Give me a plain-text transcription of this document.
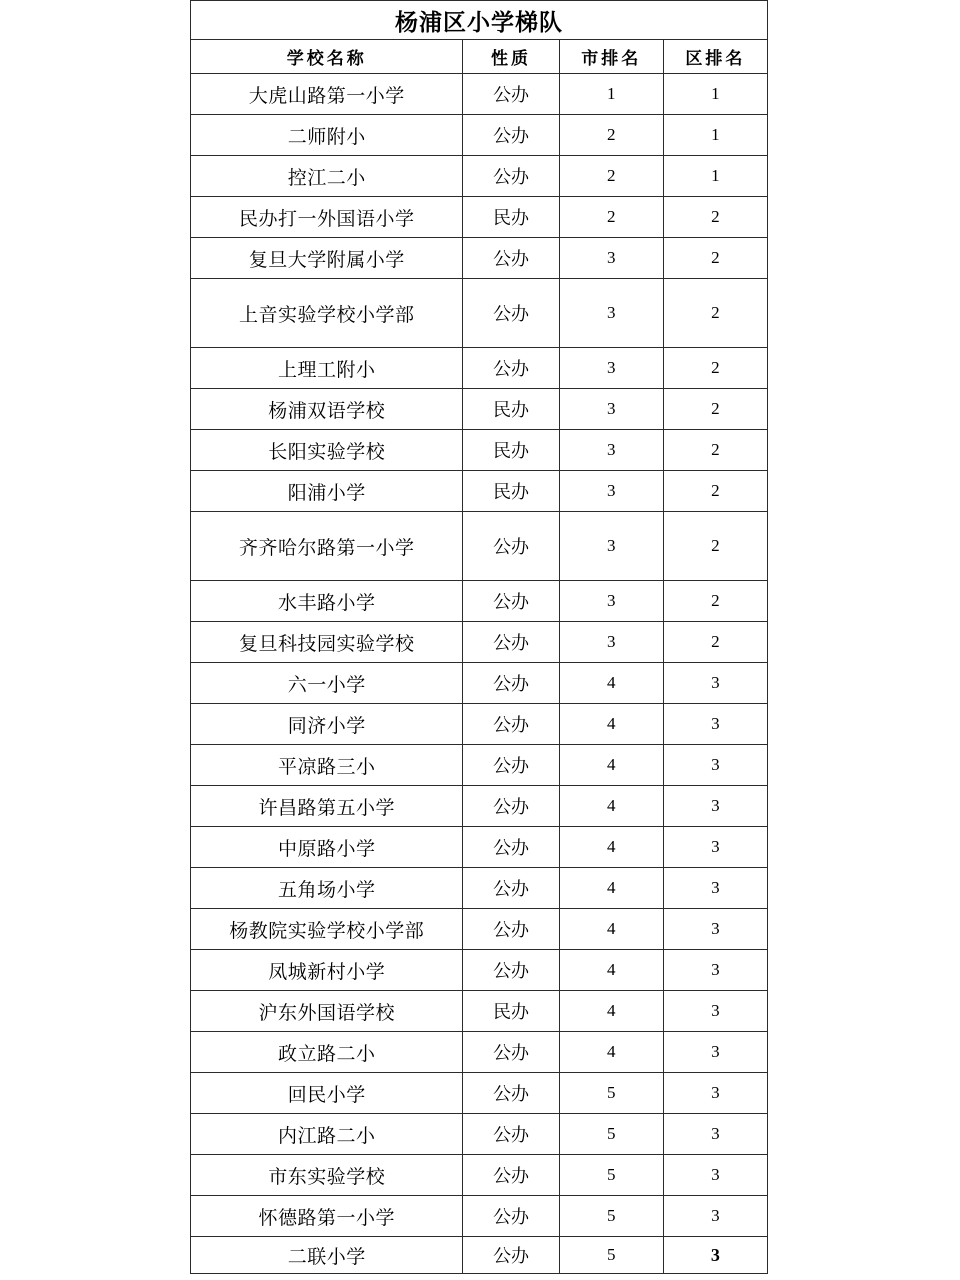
杨浦区小学梯队			
学校名称	性质	市排名	区排名
大虎山路第一小学	公办	1	1
二师附小	公办	2	1
控江二小	公办	2	1
民办打一外国语小学	民办	2	2
复旦大学附属小学	公办	3	2
上音实验学校小学部	公办	3	2
上理工附小	公办	3	2
杨浦双语学校	民办	3	2
长阳实验学校	民办	3	2
阳浦小学	民办	3	2
齐齐哈尔路第一小学	公办	3	2
水丰路小学	公办	3	2
复旦科技园实验学校	公办	3	2
六一小学	公办	4	3
同济小学	公办	4	3
平凉路三小	公办	4	3
许昌路第五小学	公办	4	3
中原路小学	公办	4	3
五角场小学	公办	4	3
杨教院实验学校小学部	公办	4	3
凤城新村小学	公办	4	3
沪东外国语学校	民办	4	3
政立路二小	公办	4	3
回民小学	公办	5	3
内江路二小	公办	5	3
市东实验学校	公办	5	3
怀德路第一小学	公办	5	3
二联小学	公办	5	3
